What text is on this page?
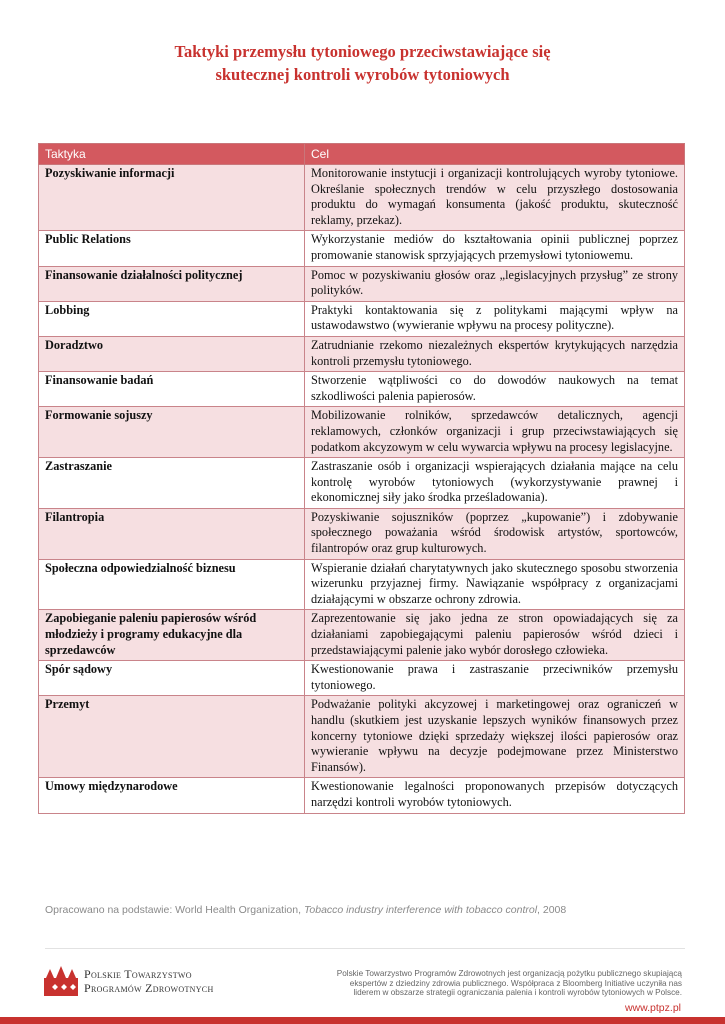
Taktyki przemysłu tytoniowego przeciwstawiające się
skutecznej kontroli wyrobów tytoniowych
Taktyka	Cel
Pozyskiwanie informacji	Monitorowanie instytucji i organizacji kontrolujących wyroby tytoniowe. Określanie społecznych trendów w celu przyszłego dostosowania produktu do wymagań konsumenta (jakość produktu, skuteczność reklamy, przekaz).
Public Relations	Wykorzystanie mediów do kształtowania opinii publicznej poprzez promowanie stanowisk sprzyjających przemysłowi tytoniowemu.
Finansowanie działalności politycznej	Pomoc w pozyskiwaniu głosów oraz „legislacyjnych przysług” ze strony polityków.
Lobbing	Praktyki kontaktowania się z politykami mającymi wpływ na ustawodawstwo (wywieranie wpływu na procesy polityczne).
Doradztwo	Zatrudnianie rzekomo niezależnych ekspertów krytykujących narzędzia kontroli przemysłu tytoniowego.
Finansowanie badań	Stworzenie wątpliwości co do dowodów naukowych na temat szkodliwości palenia papierosów.
Formowanie sojuszy	Mobilizowanie rolników, sprzedawców detalicznych, agencji reklamowych, członków organizacji i grup przeciwstawiających się podatkom akcyzowym w celu wywarcia wpływu na procesy legislacyjne.
Zastraszanie	Zastraszanie osób i organizacji wspierających działania mające na celu kontrolę wyrobów tytoniowych (wykorzystywanie prawnej i ekonomicznej siły jako środka prześladowania).
Filantropia	Pozyskiwanie sojuszników (poprzez „kupowanie”) i zdobywanie społecznego poważania wśród środowisk artystów, sportowców, filantropów oraz grup kulturowych.
Społeczna odpowiedzialność biznesu	Wspieranie działań charytatywnych jako skutecznego sposobu stworzenia wizerunku przyjaznej firmy. Nawiązanie współpracy z organizacjami działającymi w obszarze ochrony zdrowia.
Zapobieganie paleniu papierosów wśród młodzieży i programy edukacyjne dla sprzedawców	Zaprezentowanie się jako jedna ze stron opowiadających się za działaniami zapobiegającymi paleniu papierosów wśród dzieci i przedstawiającymi palenie jako wybór dorosłego człowieka.
Spór sądowy	Kwestionowanie prawa i zastraszanie przeciwników przemysłu tytoniowego.
Przemyt	Podważanie polityki akcyzowej i marketingowej oraz ograniczeń w handlu (skutkiem jest uzyskanie lepszych wyników finansowych przez koncerny tytoniowe dzięki sprzedaży większej ilości papierosów oraz wywieranie wpływu na decyzje podejmowane przez Ministerstwo Finansów).
Umowy międzynarodowe	Kwestionowanie legalności proponowanych przepisów dotyczących narzędzi kontroli wyrobów tytoniowych.
Opracowano na podstawie: World Health Organization, Tobacco industry interference with tobacco control, 2008
Polskie Towarzystwo
Programów Zdrowotnych
Polskie Towarzystwo Programów Zdrowotnych jest organizacją pożytku publicznego skupiającą
ekspertów z dziedziny zdrowia publicznego. Współpraca z Bloomberg Initiative uczyniła nas
liderem w obszarze strategii ograniczania palenia i kontroli wyrobów tytoniowych w Polsce.
www.ptpz.pl
